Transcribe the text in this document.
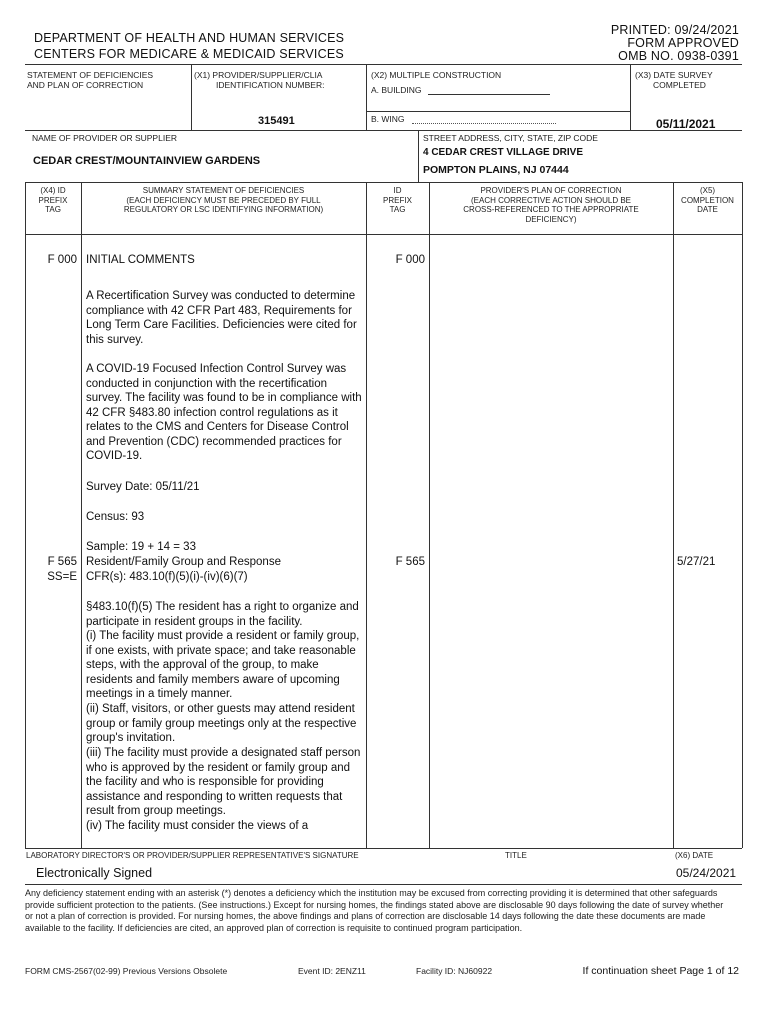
DEPARTMENT OF HEALTH AND HUMAN SERVICES
CENTERS FOR MEDICARE & MEDICAID SERVICES
PRINTED: 09/24/2021
FORM APPROVED
OMB NO. 0938-0391
STATEMENT OF DEFICIENCIES
AND PLAN OF CORRECTION
(X1) PROVIDER/SUPPLIER/CLIA
IDENTIFICATION NUMBER:
315491
(X2) MULTIPLE CONSTRUCTION
A. BUILDING
B. WING
(X3) DATE SURVEY
COMPLETED
05/11/2021
NAME OF PROVIDER OR SUPPLIER
CEDAR CREST/MOUNTAINVIEW GARDENS
STREET ADDRESS, CITY, STATE, ZIP CODE
4 CEDAR CREST VILLAGE DRIVE
POMPTON PLAINS, NJ 07444
(X4) ID
PREFIX
TAG
SUMMARY STATEMENT OF DEFICIENCIES
(EACH DEFICIENCY MUST BE PRECEDED BY FULL
REGULATORY OR LSC IDENTIFYING INFORMATION)
ID
PREFIX
TAG
PROVIDER'S PLAN OF CORRECTION
(EACH CORRECTIVE ACTION SHOULD BE
CROSS-REFERENCED TO THE APPROPRIATE
DEFICIENCY)
(X5)
COMPLETION
DATE
F 000 INITIAL COMMENTS	F 000
A Recertification Survey was conducted to determine compliance with 42 CFR Part 483, Requirements for Long Term Care Facilities. Deficiencies were cited for this survey.
A COVID-19 Focused Infection Control Survey was conducted in conjunction with the recertification survey. The facility was found to be in compliance with 42 CFR §483.80 infection control regulations as it relates to the CMS and Centers for Disease Control and Prevention (CDC) recommended practices for COVID-19.
Survey Date: 05/11/21
Census: 93
Sample: 19 + 14 = 33
F 565
SS=E
Resident/Family Group and Response
CFR(s): 483.10(f)(5)(i)-(iv)(6)(7)
F 565	5/27/21
§483.10(f)(5) The resident has a right to organize and participate in resident groups in the facility.
(i) The facility must provide a resident or family group, if one exists, with private space; and take reasonable steps, with the approval of the group, to make residents and family members aware of upcoming meetings in a timely manner.
(ii) Staff, visitors, or other guests may attend resident group or family group meetings only at the respective group's invitation.
(iii) The facility must provide a designated staff person who is approved by the resident or family group and the facility and who is responsible for providing assistance and responding to written requests that result from group meetings.
(iv) The facility must consider the views of a
LABORATORY DIRECTOR'S OR PROVIDER/SUPPLIER REPRESENTATIVE'S SIGNATURE	TITLE	(X6) DATE
Electronically Signed	05/24/2021
Any deficiency statement ending with an asterisk (*) denotes a deficiency which the institution may be excused from correcting providing it is determined that other safeguards provide sufficient protection to the patients. (See instructions.) Except for nursing homes, the findings stated above are disclosable 90 days following the date of survey whether or not a plan of correction is provided. For nursing homes, the above findings and plans of correction are disclosable 14 days following the date these documents are made available to the facility. If deficiencies are cited, an approved plan of correction is requisite to continued program participation.
FORM CMS-2567(02-99) Previous Versions Obsolete	Event ID: 2ENZ11	Facility ID: NJ60922	If continuation sheet Page 1 of 12
